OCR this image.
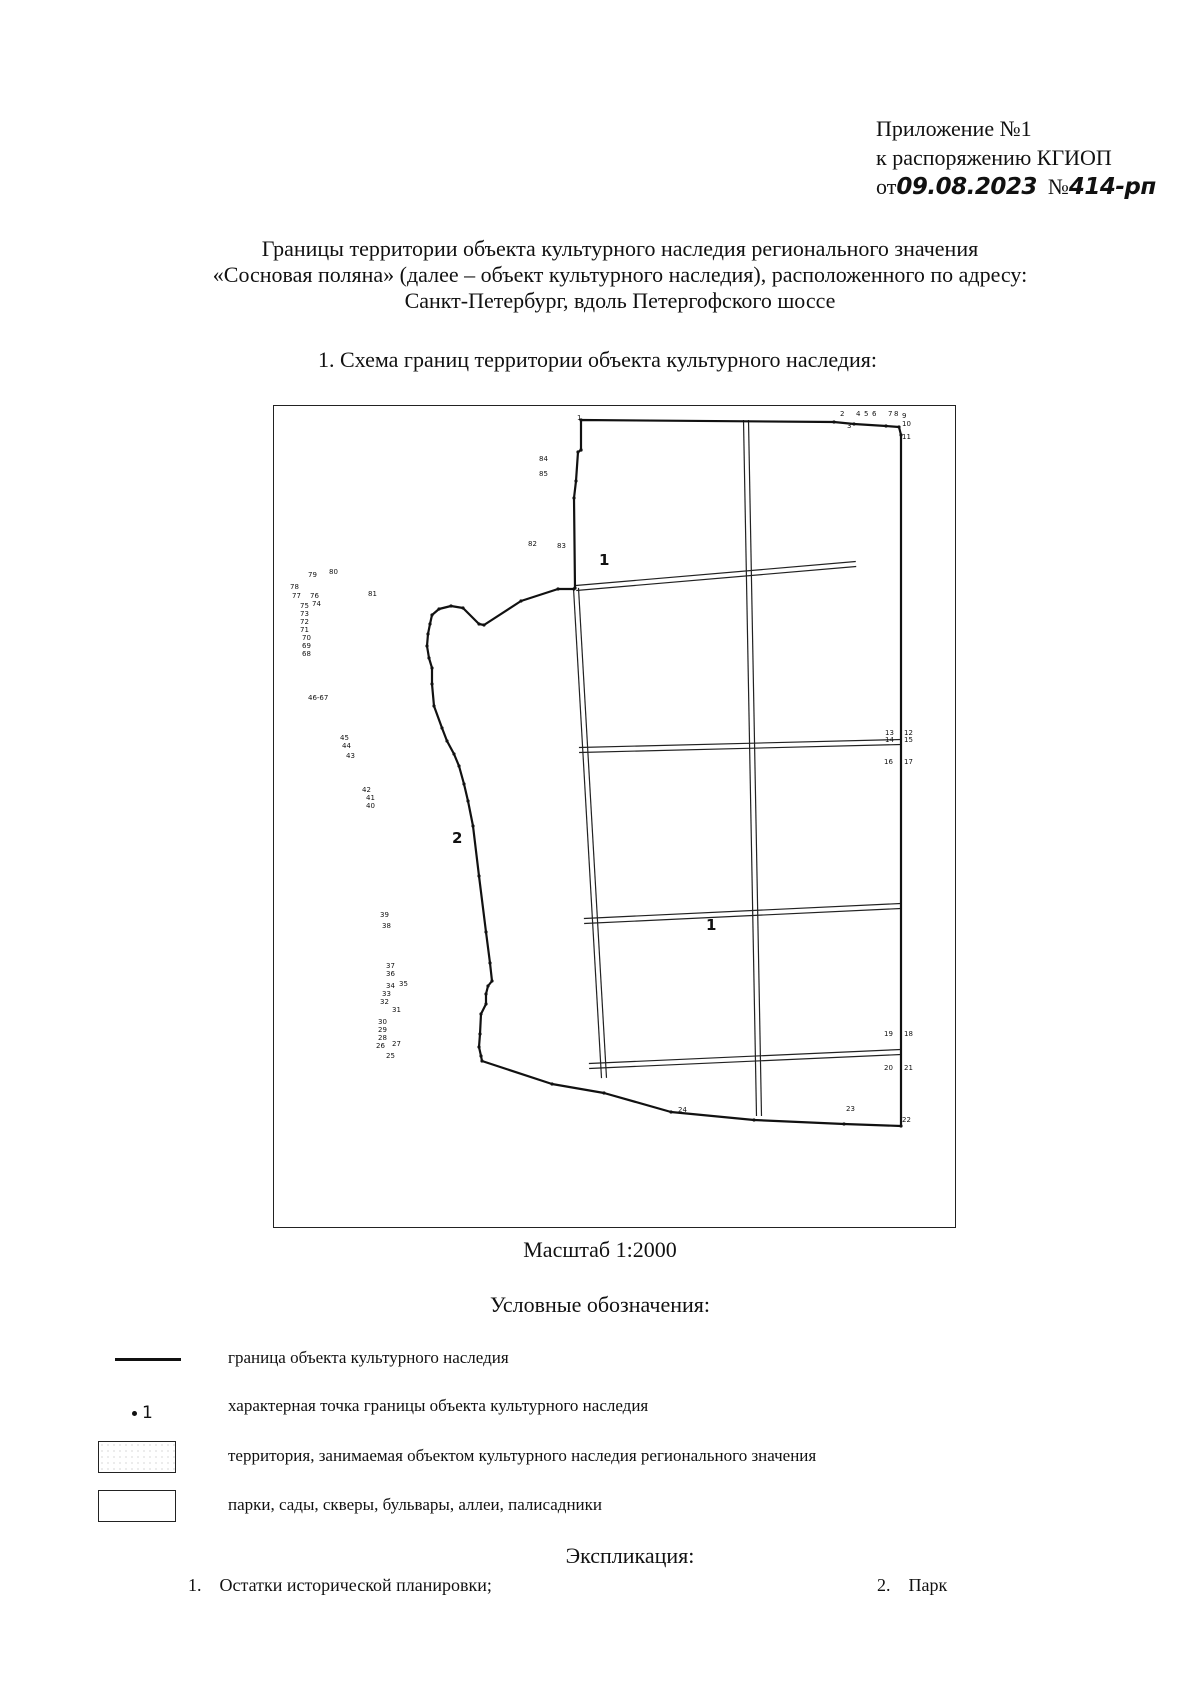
Приложение №1
к распоряжению КГИОП
от09.08.2023 №414-рп
Границы территории объекта культурного наследия регионального значения
«Сосновая поляна» (далее – объект культурного наследия), расположенного по адресу:
Санкт-Петербург, вдоль Петергофского шоссе
1. Схема границ территории объекта культурного наследия:
1	2
3
4 5 6 7 8 9
10
11
12
13
14 15
16 17
18
19
20 21
22
23
24
25
26 27
28
29
30
31
32
33
34 35
36
37
38
39
40
41
42
43
44
45
46-67
68
69
70
71
72
73
74
75
76
77
78
79 80
81
82	83
84
85
1
2
1
Масштаб 1:2000
Условные обозначения:
граница объекта культурного наследия
1	характерная точка границы объекта культурного наследия
территория, занимаемая объектом культурного наследия регионального значения
парки, сады, скверы, бульвары, аллеи, палисадники
Экспликация:
1. Остатки исторической планировки;	2. Парк
